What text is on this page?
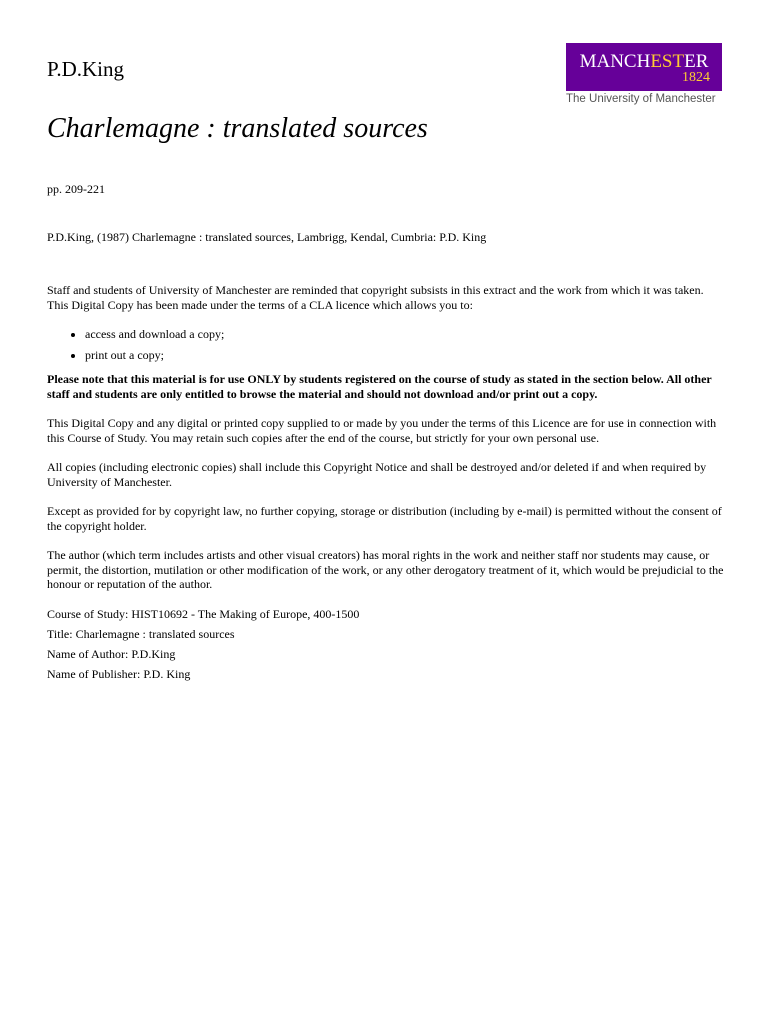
P.D.King
Charlemagne : translated sources
MANCHESTER
1824
The University of Manchester
pp. 209-221
P.D.King, (1987) Charlemagne : translated sources, Lambrigg, Kendal, Cumbria: P.D. King

Staff and students of University of Manchester are reminded that copyright subsists in this extract and the work from which it was taken. This Digital Copy has been made under the terms of a CLA licence which allows you to:

• access and download a copy;
• print out a copy;

Please note that this material is for use ONLY by students registered on the course of study as stated in the section below. All other staff and students are only entitled to browse the material and should not download and/or print out a copy.

This Digital Copy and any digital or printed copy supplied to or made by you under the terms of this Licence are for use in connection with this Course of Study. You may retain such copies after the end of the course, but strictly for your own personal use.

All copies (including electronic copies) shall include this Copyright Notice and shall be destroyed and/or deleted if and when required by University of Manchester.

Except as provided for by copyright law, no further copying, storage or distribution (including by e-mail) is permitted without the consent of the copyright holder.

The author (which term includes artists and other visual creators) has moral rights in the work and neither staff nor students may cause, or permit, the distortion, mutilation or other modification of the work, or any other derogatory treatment of it, which would be prejudicial to the honour or reputation of the author.

Course of Study: HIST10692 - The Making of Europe, 400-1500
Title: Charlemagne : translated sources
Name of Author: P.D.King
Name of Publisher: P.D. King
